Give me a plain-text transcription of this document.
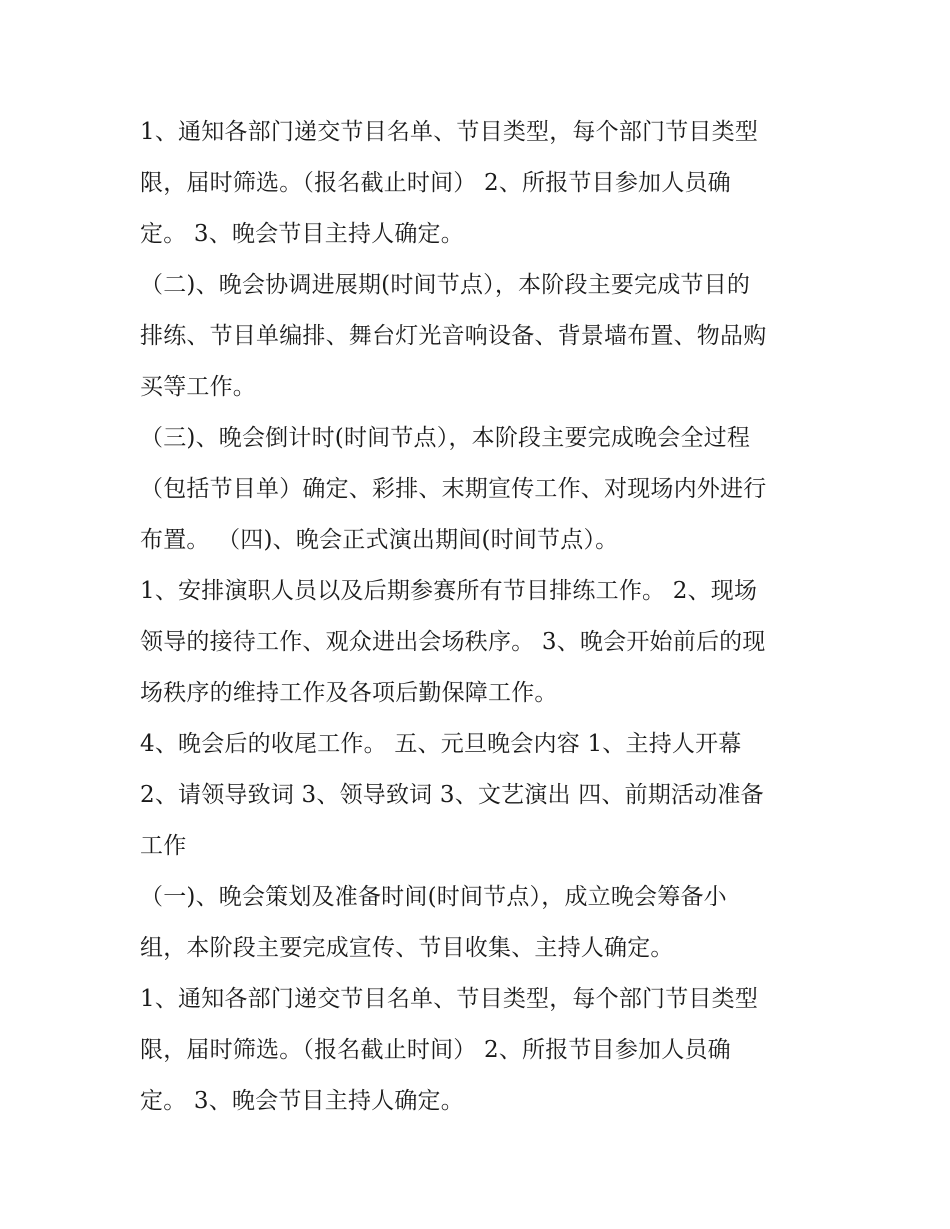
1、通知各部门递交节目名单、节目类型，每个部门节目类型
限，届时筛选。（报名截止时间） 2、所报节目参加人员确
定。 3、晚会节目主持人确定。
（二)、晚会协调进展期(时间节点），本阶段主要完成节目的
排练、节目单编排、舞台灯光音响设备、背景墙布置、物品购
买等工作。
（三)、晚会倒计时(时间节点），本阶段主要完成晚会全过程
（包括节目单）确定、彩排、末期宣传工作、对现场内外进行
布置。 （四)、晚会正式演出期间(时间节点）。
1、安排演职人员以及后期参赛所有节目排练工作。 2、现场
领导的接待工作、观众进出会场秩序。 3、晚会开始前后的现
场秩序的维持工作及各项后勤保障工作。
4、晚会后的收尾工作。 五、元旦晚会内容 1、主持人开幕
2、请领导致词 3、领导致词 3、文艺演出 四、前期活动准备
工作
（一)、晚会策划及准备时间(时间节点），成立晚会筹备小
组，本阶段主要完成宣传、节目收集、主持人确定。
1、通知各部门递交节目名单、节目类型，每个部门节目类型
限，届时筛选。（报名截止时间） 2、所报节目参加人员确
定。 3、晚会节目主持人确定。
